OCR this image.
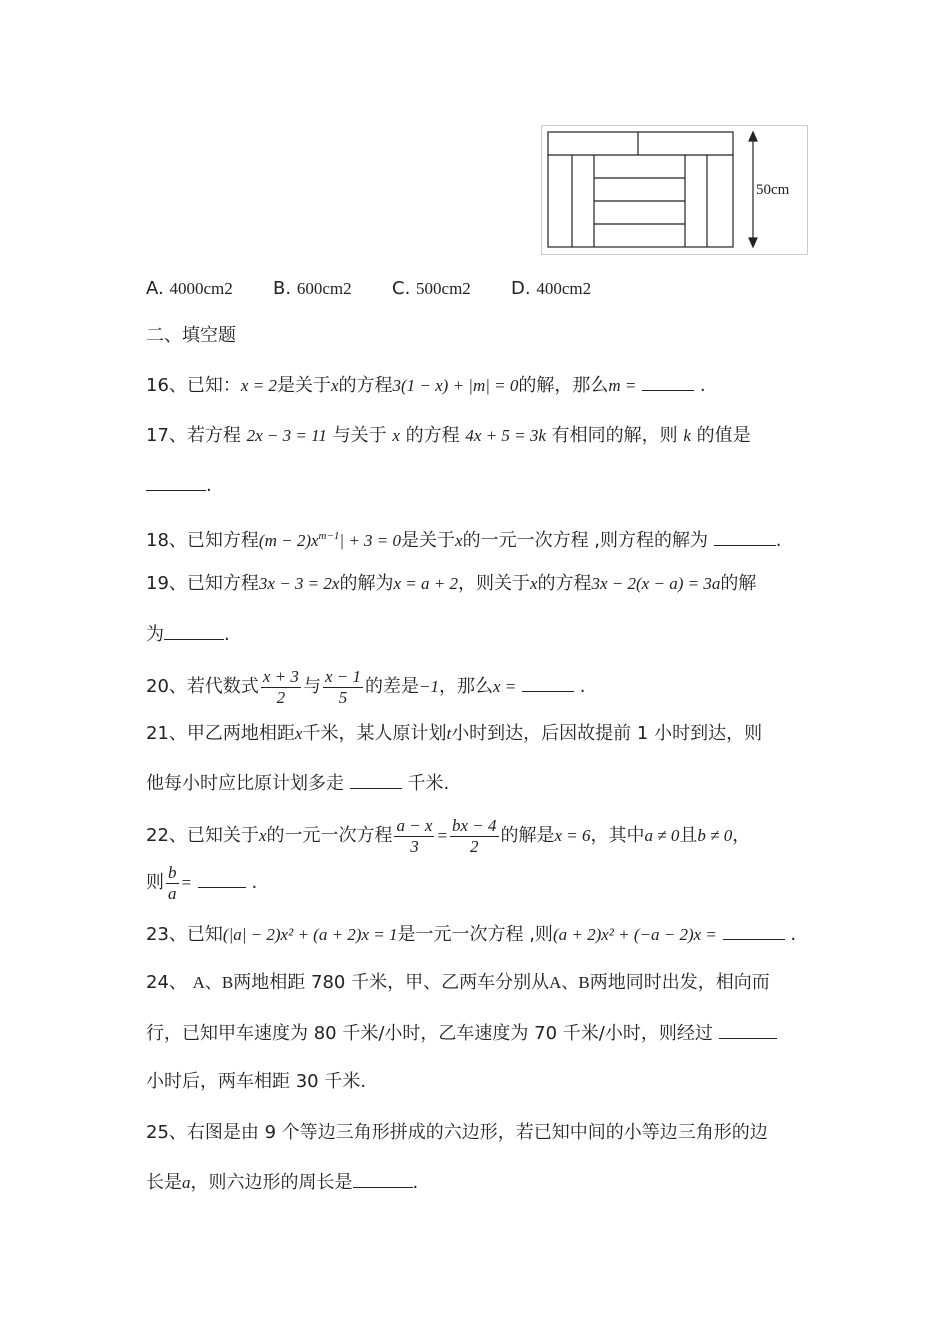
50cm
A. 4000cm2 B. 600cm2 C. 500cm2 D. 400cm2
二、填空题
16、已知：x = 2是关于x的方程3(1 − x) + |m| = 0的解，那么m =	.
17、若方程 2x − 3 = 11 与关于 x 的方程 4x + 5 = 3k 有相同的解，则 k 的值是
.
18、已知方程$(m - 2)x^{m-1}| + 3 = 0$是关于x的一元一次方程 ,则方程的解为	.
19、已知方程3x − 3 = 2x的解为x = a + 2，则关于x的方程3x − 2(x − a) = 3a的解
为	.
20、若代数式 $\frac{x + 3}{2}$ 与 $\frac{x - 1}{5}$ 的差是−1，那么x =	.
21、甲乙两地相距x千米，某人原计划t小时到达，后因故提前 1 小时到达，则
他每小时应比原计划多走	千米.
22、已知关于x的一元一次方程 $\frac{a - x}{3} = \frac{bx - 4}{2}$ 的解是x = 6，其中a ≠ 0且b ≠ 0，
则 $\frac{b}{a}$ =	.
23、已知(|a| − 2)x² + (a + 2)x = 1是一元一次方程 ,则(a + 2)x² + (−a − 2)x =	.
24、 A、B两地相距 780 千米，甲、乙两车分别从A、B两地同时出发，相向而
行，已知甲车速度为 80 千米/小时，乙车速度为 70 千米/小时，则经过
小时后，两车相距 30 千米.
25、右图是由 9 个等边三角形拼成的六边形，若已知中间的小等边三角形的边
长是a，则六边形的周长是	.
